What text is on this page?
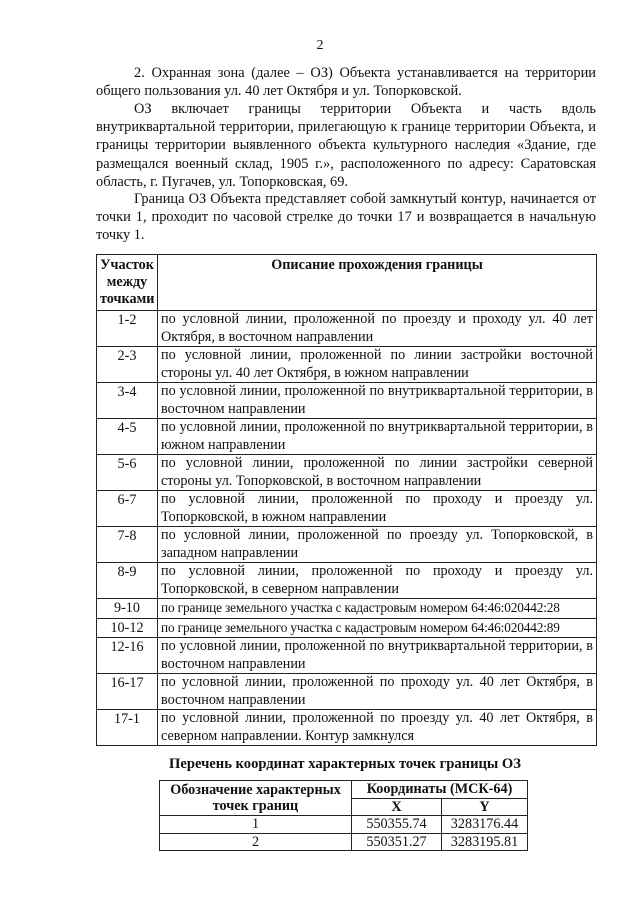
2

2. Охранная зона (далее – ОЗ) Объекта устанавливается на территории общего пользования ул. 40 лет Октября и ул. Топорковской.

ОЗ включает границы территории Объекта и часть вдоль внутриквартальной территории, прилегающую к границе территории Объекта, и границы территории выявленного объекта культурного наследия «Здание, где размещался военный склад, 1905 г.», расположенного по адресу: Саратовская область, г. Пугачев, ул. Топорковская, 69.

Граница ОЗ Объекта представляет собой замкнутый контур, начинается от точки 1, проходит по часовой стрелке до точки 17 и возвращается в начальную точку 1.

Участок между точками	Описание прохождения границы
1-2	по условной линии, проложенной по проезду и проходу ул. 40 лет Октября, в восточном направлении
2-3	по условной линии, проложенной по линии застройки восточной стороны ул. 40 лет Октября, в южном направлении
3-4	по условной линии, проложенной по внутриквартальной территории, в восточном направлении
4-5	по условной линии, проложенной по внутриквартальной территории, в южном направлении
5-6	по условной линии, проложенной по линии застройки северной стороны ул. Топорковской, в восточном направлении
6-7	по условной линии, проложенной по проходу и проезду ул. Топорковской, в южном направлении
7-8	по условной линии, проложенной по проезду ул. Топорковской, в западном направлении
8-9	по условной линии, проложенной по проходу и проезду ул. Топорковской, в северном направлении
9-10	по границе земельного участка с кадастровым номером 64:46:020442:28
10-12	по границе земельного участка с кадастровым номером 64:46:020442:89
12-16	по условной линии, проложенной по внутриквартальной территории, в восточном направлении
16-17	по условной линии, проложенной по проходу ул. 40 лет Октября, в восточном направлении
17-1	по условной линии, проложенной по проезду ул. 40 лет Октября, в северном направлении. Контур замкнулся
Перечень координат характерных точек границы ОЗ
Обозначение характерных точек границ	Координаты (МСК-64)	
	X	Y
1	550355.74	3283176.44
2	550351.27	3283195.81
